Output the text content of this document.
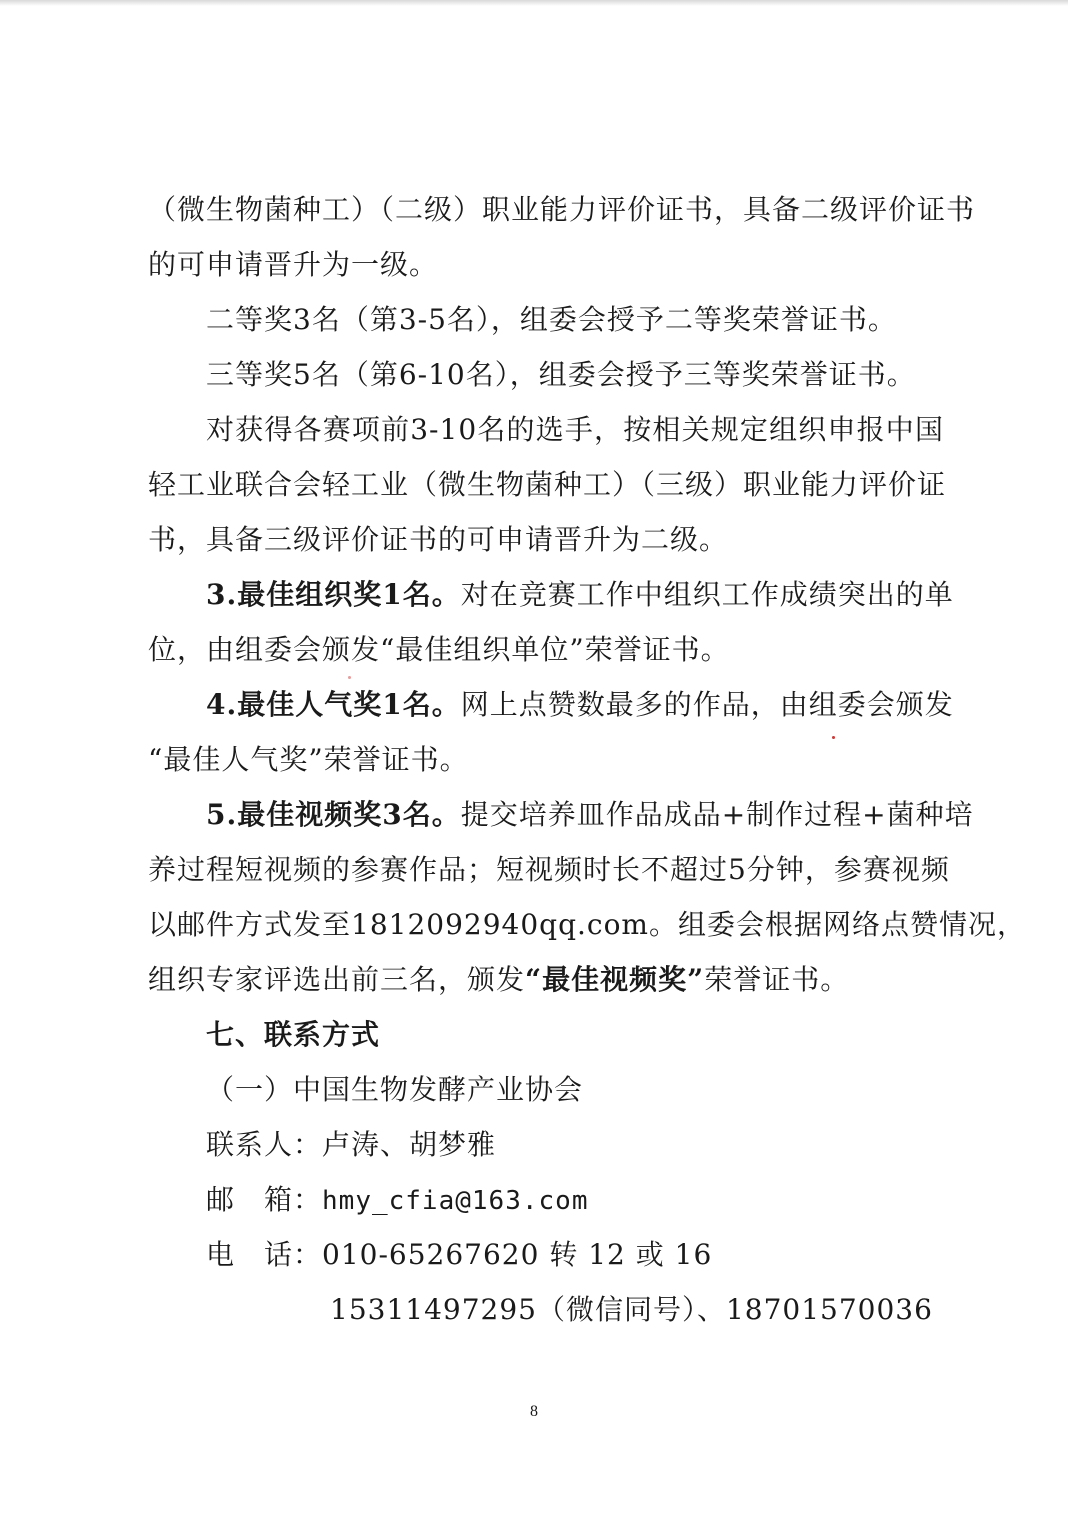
（微生物菌种工）（二级）职业能力评价证书，具备二级评价证书
的可申请晋升为一级。
二等奖3名（第3-5名），组委会授予二等奖荣誉证书。
三等奖5名（第6-10名），组委会授予三等奖荣誉证书。
对获得各赛项前3-10名的选手，按相关规定组织申报中国
轻工业联合会轻工业（微生物菌种工）（三级）职业能力评价证
书，具备三级评价证书的可申请晋升为二级。
3.最佳组织奖1名。对在竞赛工作中组织工作成绩突出的单
位，由组委会颁发“最佳组织单位”荣誉证书。
4.最佳人气奖1名。网上点赞数最多的作品，由组委会颁发
“最佳人气奖”荣誉证书。
5.最佳视频奖3名。提交培养皿作品成品+制作过程+菌种培
养过程短视频的参赛作品；短视频时长不超过5分钟，参赛视频
以邮件方式发至1812092940qq.com。组委会根据网络点赞情况，
组织专家评选出前三名，颁发“最佳视频奖”荣誉证书。
七、联系方式
（一）中国生物发酵产业协会
联系人：卢涛、胡梦雅
邮　箱：hmy_cfia@163.com
电　话：010-65267620 转 12 或 16
15311497295（微信同号）、18701570036
8
